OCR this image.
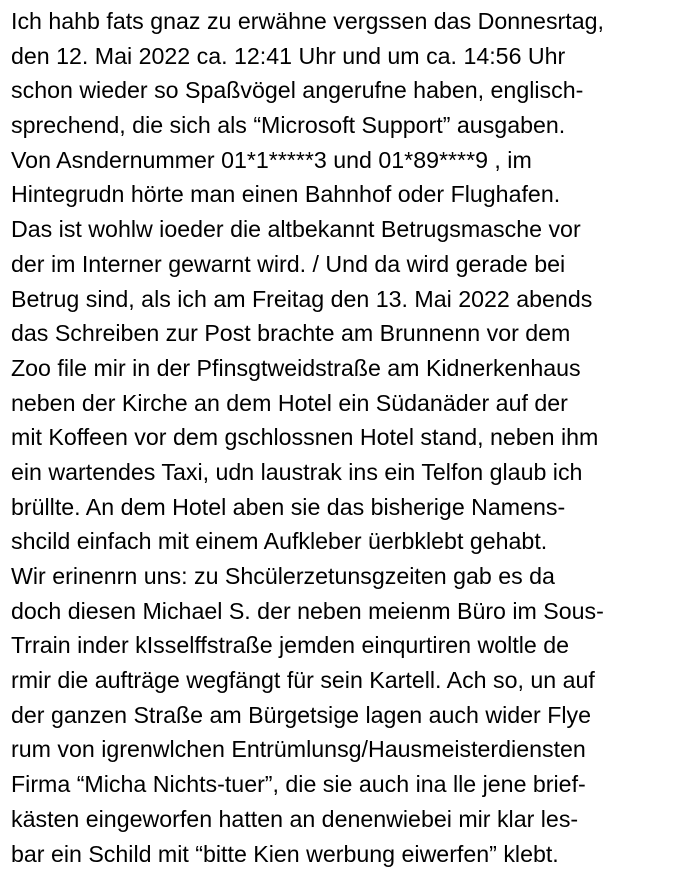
Ich hahb fats gnaz zu erwähne vergssen das Donnesrtag,
den 12. Mai 2022 ca. 12:41 Uhr und um ca. 14:56 Uhr
schon wieder so Spaßvögel angerufne haben, englisch-
sprechend, die sich als “Microsoft Support” ausgaben.
Von Asndernummer 01*1*****3 und 01*89****9 , im
Hintegrudn hörte man einen Bahnhof oder Flughafen.
Das ist wohlw ioeder die altbekannt Betrugsmasche vor
der im Interner gewarnt wird. / Und da wird gerade bei
Betrug sind, als ich am Freitag den 13. Mai 2022 abends
das Schreiben zur Post brachte am Brunnenn vor dem
Zoo file mir in der Pfinsgtweidstraße am Kidnerkenhaus
neben der Kirche an dem Hotel ein Südanäder auf der
mit Koffeen vor dem gschlossnen Hotel stand, neben ihm
ein wartendes Taxi, udn laustrak ins ein Telfon glaub ich
brüllte. An dem Hotel aben sie das bisherige Namens-
shcild einfach mit einem Aufkleber üerbklebt gehabt.
Wir erinenrn uns: zu Shcülerzetunsgzeiten gab es da
doch diesen Michael S. der neben meienm Büro im Sous-
Trrain inder kIsselffstraße jemden einqurtiren woltle de
rmir die aufträge wegfängt für sein Kartell. Ach so, un auf
der ganzen Straße am Bürgetsige lagen auch wider Flye
rum von igrenwlchen Entrümlunsg/Hausmeisterdiensten
Firma “Micha Nichts-tuer”, die sie auch ina lle jene brief-
kästen eingeworfen hatten an denenwiebei mir klar les-
bar ein Schild mit “bitte Kien werbung eiwerfen” klebt.
